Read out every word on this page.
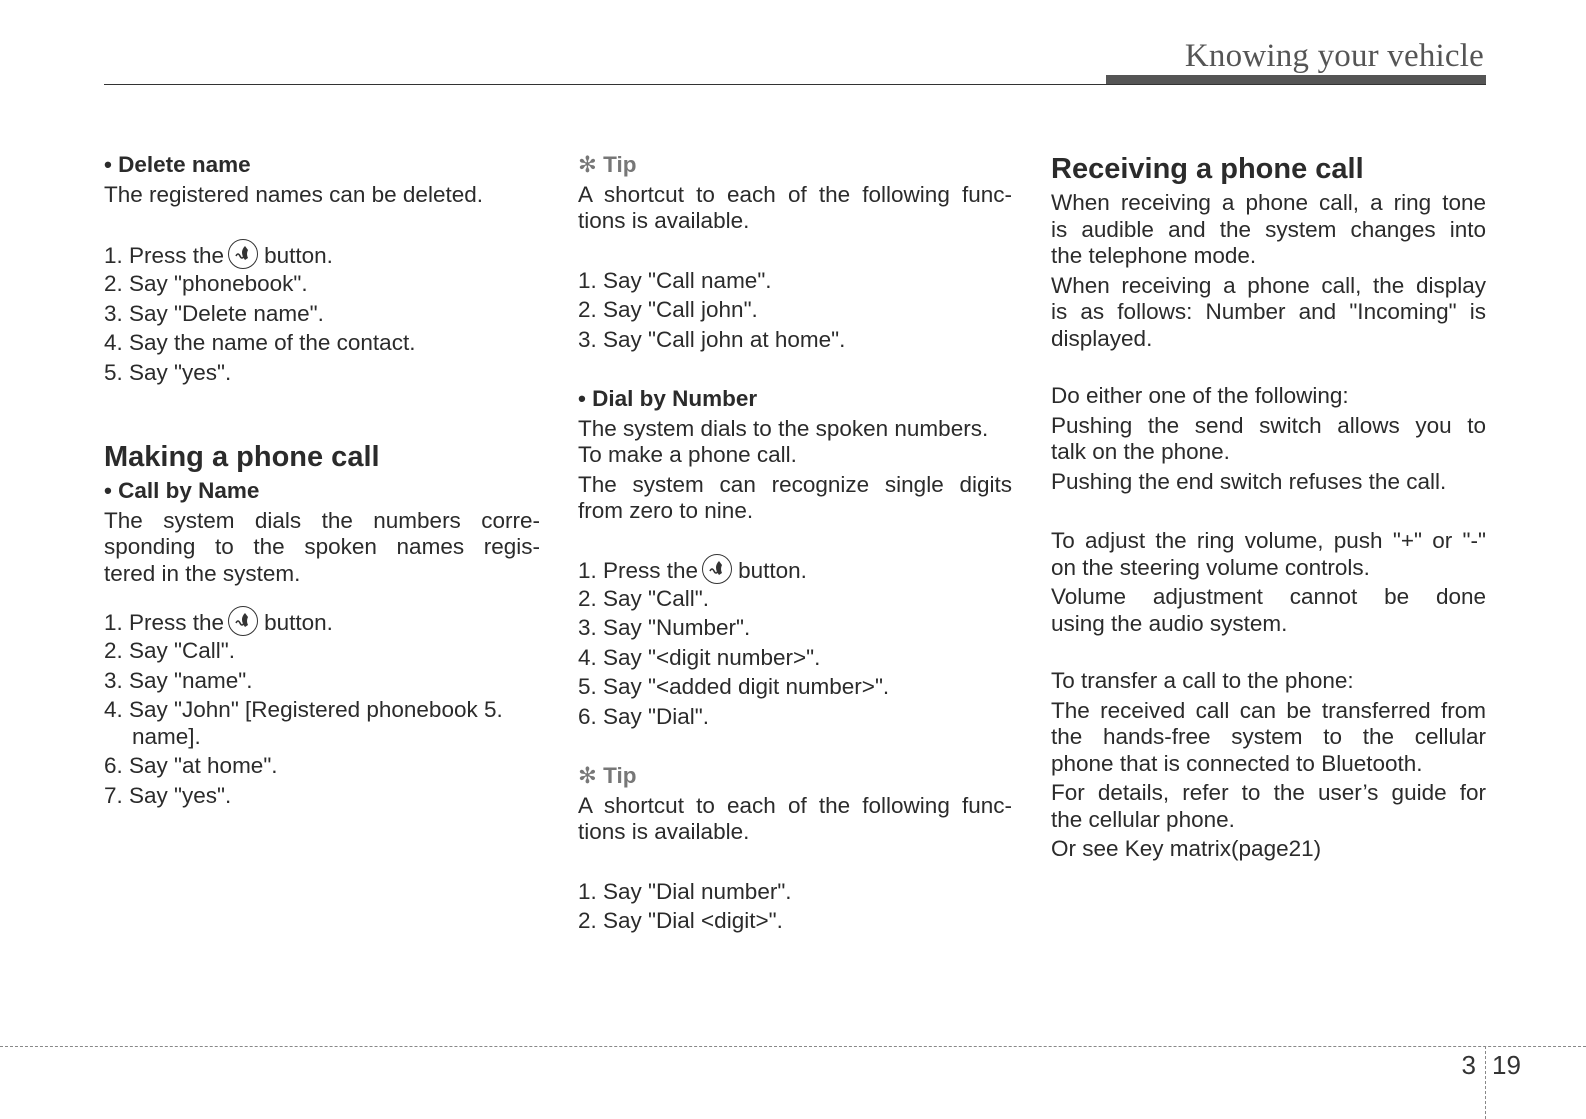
Knowing your vehicle
• Delete name
The registered names can be deleted.
1. Press the button.
2. Say "phonebook".
3. Say "Delete name".
4. Say the name of the contact.
5. Say "yes".
Making a phone call
• Call by Name
The system dials the numbers corre-
sponding to the spoken names regis-
tered in the system.
1. Press the button.
2. Say "Call".
3. Say "name".
4. Say "John" [Registered phonebook 5.
name].
6. Say "at home".
7. Say "yes".
✻ Tip
A shortcut to each of the following func-
tions is available.
1. Say "Call name".
2. Say "Call john".
3. Say "Call john at home".
• Dial by Number
The system dials to the spoken numbers.
To make a phone call.
The system can recognize single digits
from zero to nine.
1. Press the button.
2. Say "Call".
3. Say "Number".
4. Say "<digit number>".
5. Say "<added digit number>".
6. Say "Dial".
✻ Tip
A shortcut to each of the following func-
tions is available.
1. Say "Dial number".
2. Say "Dial <digit>".
Receiving a phone call
When receiving a phone call, a ring tone
is audible and the system changes into
the telephone mode.
When receiving a phone call, the display
is as follows: Number and "Incoming" is
displayed.
Do either one of the following:
Pushing the send switch allows you to
talk on the phone.
Pushing the end switch refuses the call.
To adjust the ring volume, push "+" or "-"
on the steering volume controls.
Volume adjustment cannot be done
using the audio system.
To transfer a call to the phone:
The received call can be transferred from
the hands-free system to the cellular
phone that is connected to Bluetooth.
For details, refer to the user’s guide for
the cellular phone.
Or see Key matrix(page21)
3 19
